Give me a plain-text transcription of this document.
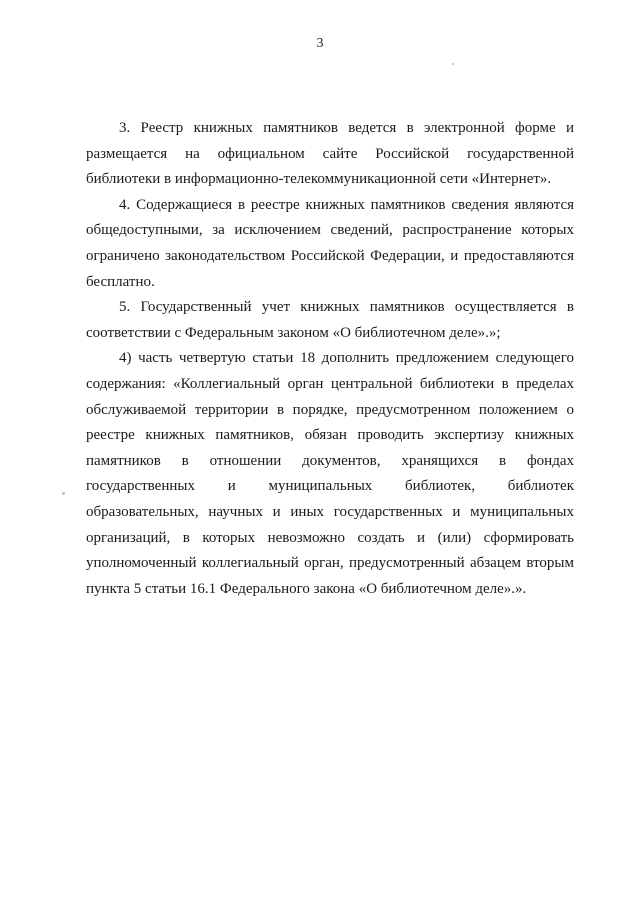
3

3. Реестр книжных памятников ведется в электронной форме и размещается на официальном сайте Российской государственной библиотеки в информационно-телекоммуникационной сети «Интернет».

4. Содержащиеся в реестре книжных памятников сведения являются общедоступными, за исключением сведений, распространение которых ограничено законодательством Российской Федерации, и предоставляются бесплатно.

5. Государственный учет книжных памятников осуществляется в соответствии с Федеральным законом «О библиотечном деле».»;

4) часть четвертую статьи 18 дополнить предложением следующего содержания: «Коллегиальный орган центральной библиотеки в пределах обслуживаемой территории в порядке, предусмотренном положением о реестре книжных памятников, обязан проводить экспертизу книжных памятников в отношении документов, хранящихся в фондах государственных и муниципальных библиотек, библиотек образовательных, научных и иных государственных и муниципальных организаций, в которых невозможно создать и (или) сформировать уполномоченный коллегиальный орган, предусмотренный абзацем вторым пункта 5 статьи 16.1 Федерального закона «О библиотечном деле».».
